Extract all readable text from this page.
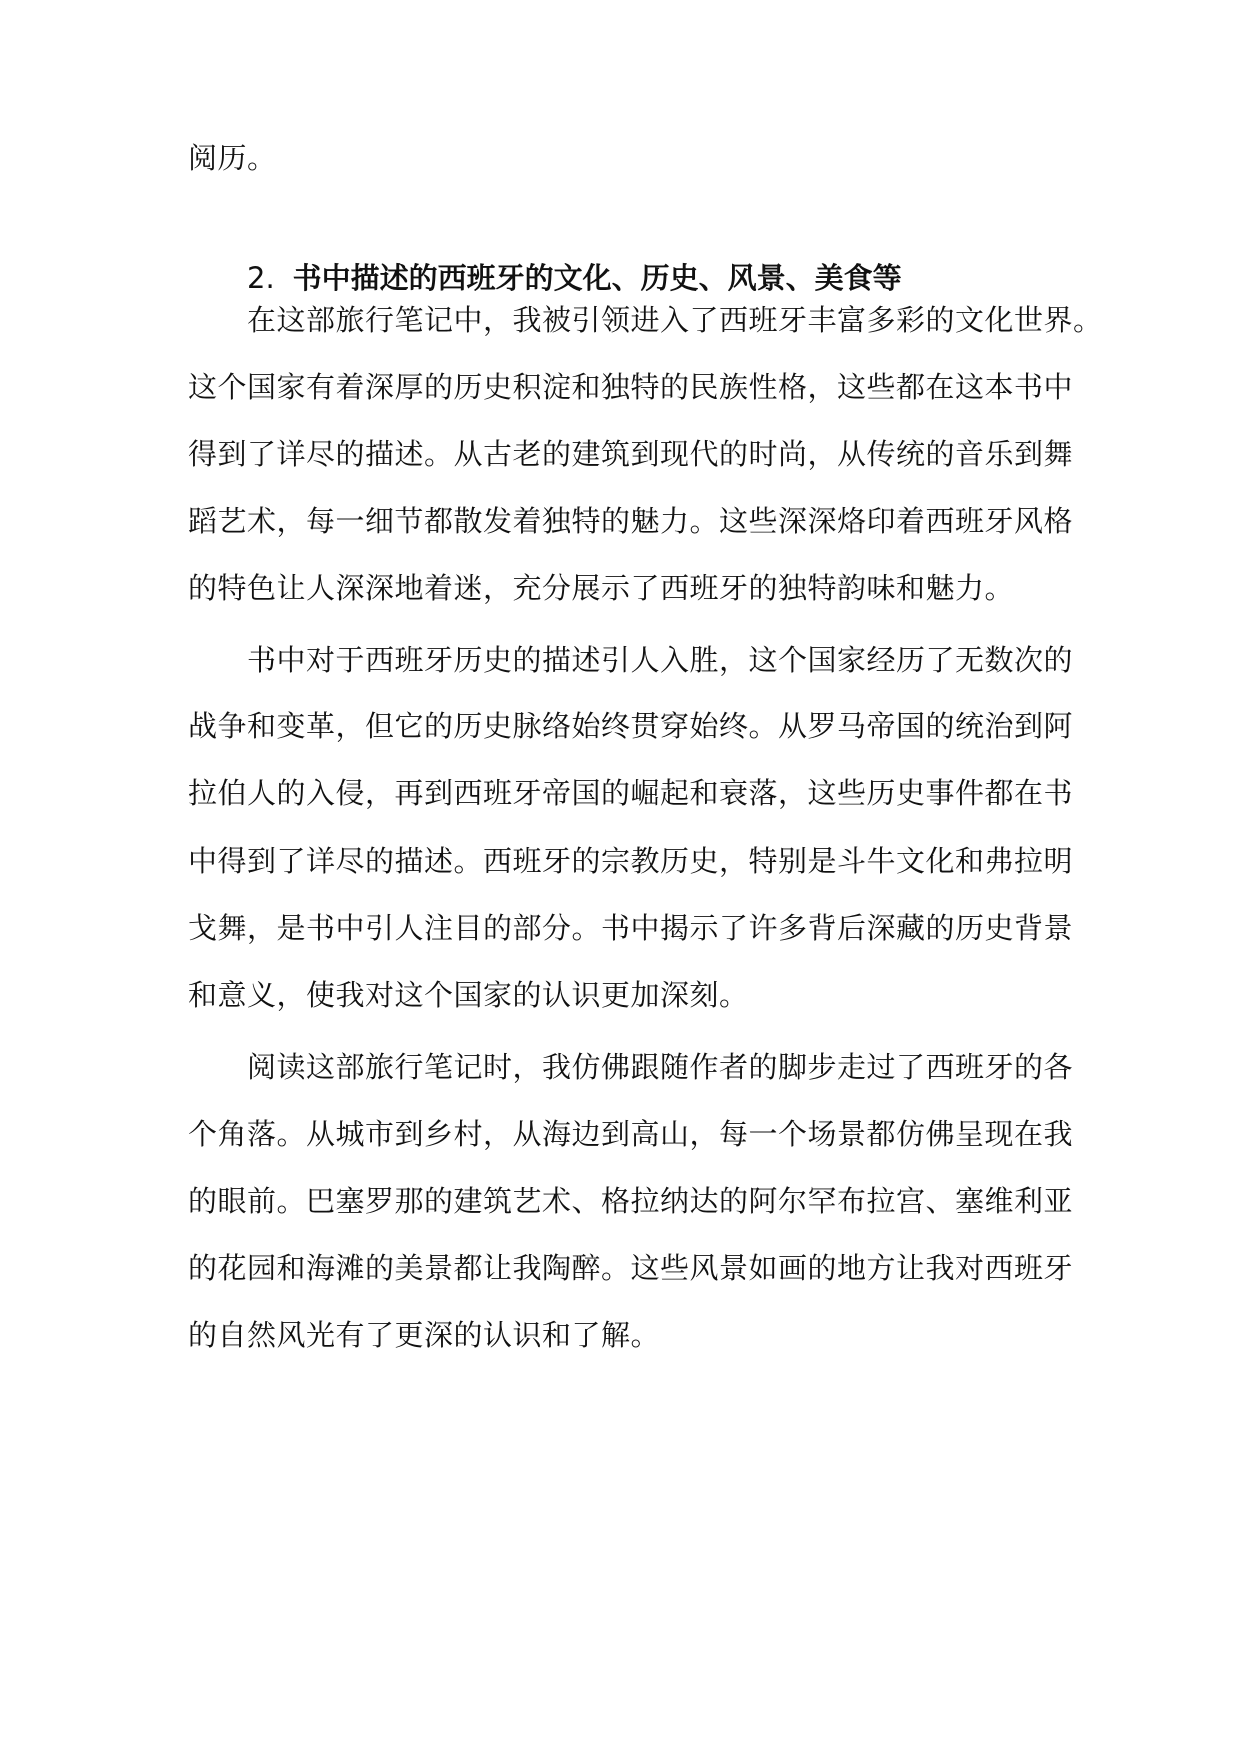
阅历。
2. 书中描述的西班牙的文化、历史、风景、美食等
在这部旅行笔记中，我被引领进入了西班牙丰富多彩的文化世界。
这个国家有着深厚的历史积淀和独特的民族性格，这些都在这本书中
得到了详尽的描述。从古老的建筑到现代的时尚，从传统的音乐到舞
蹈艺术，每一细节都散发着独特的魅力。这些深深烙印着西班牙风格
的特色让人深深地着迷，充分展示了西班牙的独特韵味和魅力。
书中对于西班牙历史的描述引人入胜，这个国家经历了无数次的
战争和变革，但它的历史脉络始终贯穿始终。从罗马帝国的统治到阿
拉伯人的入侵，再到西班牙帝国的崛起和衰落，这些历史事件都在书
中得到了详尽的描述。西班牙的宗教历史，特别是斗牛文化和弗拉明
戈舞，是书中引人注目的部分。书中揭示了许多背后深藏的历史背景
和意义，使我对这个国家的认识更加深刻。
阅读这部旅行笔记时，我仿佛跟随作者的脚步走过了西班牙的各
个角落。从城市到乡村，从海边到高山，每一个场景都仿佛呈现在我
的眼前。巴塞罗那的建筑艺术、格拉纳达的阿尔罕布拉宫、塞维利亚
的花园和海滩的美景都让我陶醉。这些风景如画的地方让我对西班牙
的自然风光有了更深的认识和了解。
